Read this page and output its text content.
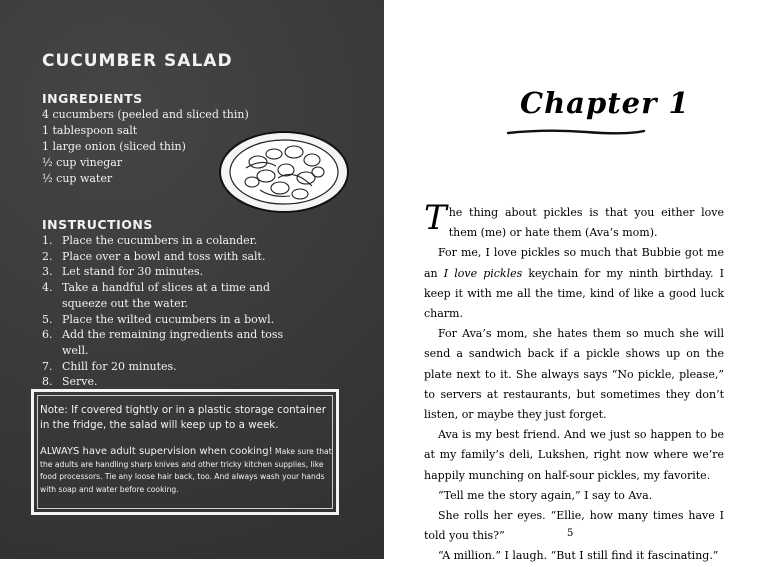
CUCUMBER SALAD
INGREDIENTS
4 cucumbers (peeled and sliced thin)
1 tablespoon salt
1 large onion (sliced thin)
½ cup vinegar
½ cup water
INSTRUCTIONS
1. Place the cucumbers in a colander.
2. Place over a bowl and toss with salt.
3. Let stand for 30 minutes.
4. Take a handful of slices at a time and squeeze out the water.
5. Place the wilted cucumbers in a bowl.
6. Add the remaining ingredients and toss well.
7. Chill for 20 minutes.
8. Serve.
Note: If covered tightly or in a plastic storage container in the fridge, the salad will keep up to a week.
ALWAYS have adult supervision when cooking! Make sure that the adults are handling sharp knives and other tricky kitchen supplies, like food processors. Tie any loose hair back, too. And always wash your hands with soap and water before cooking.
Chapter 1

The thing about pickles is that you either love them (me) or hate them (Ava’s mom).

For me, I love pickles so much that Bubbie got me an I love pickles keychain for my ninth birthday. I keep it with me all the time, kind of like a good luck charm.

For Ava’s mom, she hates them so much she will send a sandwich back if a pickle shows up on the plate next to it. She always says “No pickle, please,” to servers at restaurants, but sometimes they don’t listen, or maybe they just forget.

Ava is my best friend. And we just so happen to be at my family’s deli, Lukshen, right now where we’re happily munching on half-sour pickles, my favorite.

“Tell me the story again,” I say to Ava.

She rolls her eyes. “Ellie, how many times have I told you this?”

“A million.” I laugh. “But I still find it fascinating.”

5
